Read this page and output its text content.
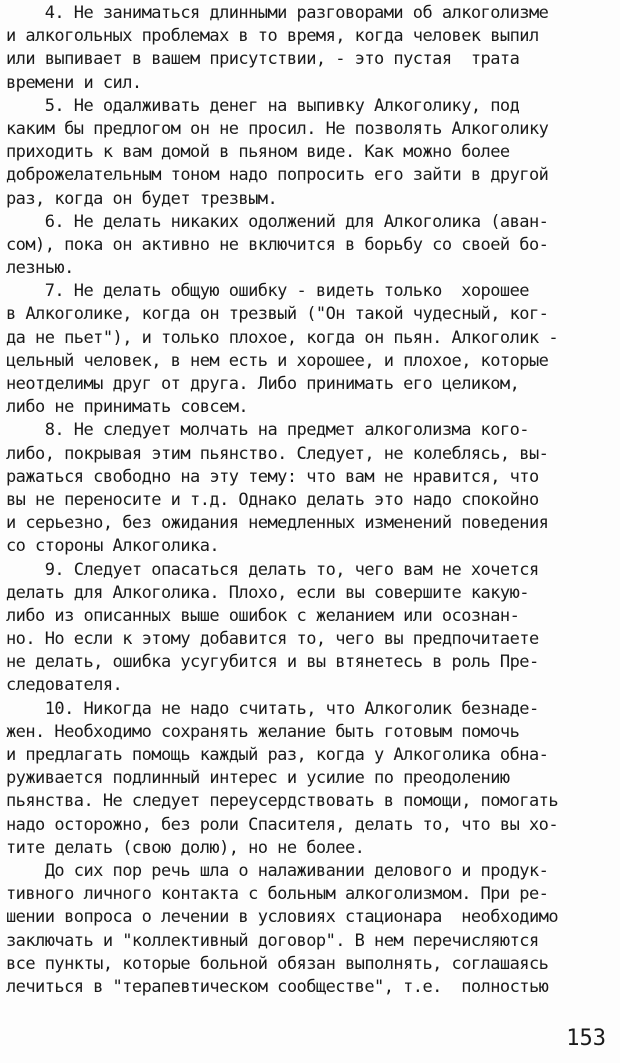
4. Не заниматься длинными разговорами об алкоголизме
и алкогольных проблемах в то время, когда человек выпил
или выпивает в вашем присутствии, - это пустая  трата
времени и сил.
5. Не одалживать денег на выпивку Алкоголику, под
каким бы предлогом он не просил. Не позволять Алкоголику
приходить к вам домой в пьяном виде. Как можно более
доброжелательным тоном надо попросить его зайти в другой
раз, когда он будет трезвым.
6. Не делать никаких одолжений для Алкоголика (аван-
сом), пока он активно не включится в борьбу со своей бо-
лезнью.
7. Не делать общую ошибку - видеть только  хорошее
в Алкоголике, когда он трезвый ("Он такой чудесный, ког-
да не пьет"), и только плохое, когда он пьян. Алкоголик -
цельный человек, в нем есть и хорошее, и плохое, которые
неотделимы друг от друга. Либо принимать его целиком,
либо не принимать совсем.
8. Не следует молчать на предмет алкоголизма кого-
либо, покрывая этим пьянство. Следует, не колеблясь, вы-
ражаться свободно на эту тему: что вам не нравится, что
вы не переносите и т.д. Однако делать это надо спокойно
и серьезно, без ожидания немедленных изменений поведения
со стороны Алкоголика.
9. Следует опасаться делать то, чего вам не хочется
делать для Алкоголика. Плохо, если вы совершите какую-
либо из описанных выше ошибок с желанием или осознан-
но. Но если к этому добавится то, чего вы предпочитаете
не делать, ошибка усугубится и вы втянетесь в роль Пре-
следователя.
10. Никогда не надо считать, что Алкоголик безнаде-
жен. Необходимо сохранять желание быть готовым помочь
и предлагать помощь каждый раз, когда у Алкоголика обна-
руживается подлинный интерес и усилие по преодолению
пьянства. Не следует переусердствовать в помощи, помогать
надо осторожно, без роли Спасителя, делать то, что вы хо-
тите делать (свою долю), но не более.
До сих пор речь шла о налаживании делового и продук-
тивного личного контакта с больным алкоголизмом. При ре-
шении вопроса о лечении в условиях стационара  необходимо
заключать и "коллективный договор". В нем перечисляются
все пункты, которые больной обязан выполнять, соглашаясь
лечиться в "терапевтическом сообществе", т.е.  полностью
153
